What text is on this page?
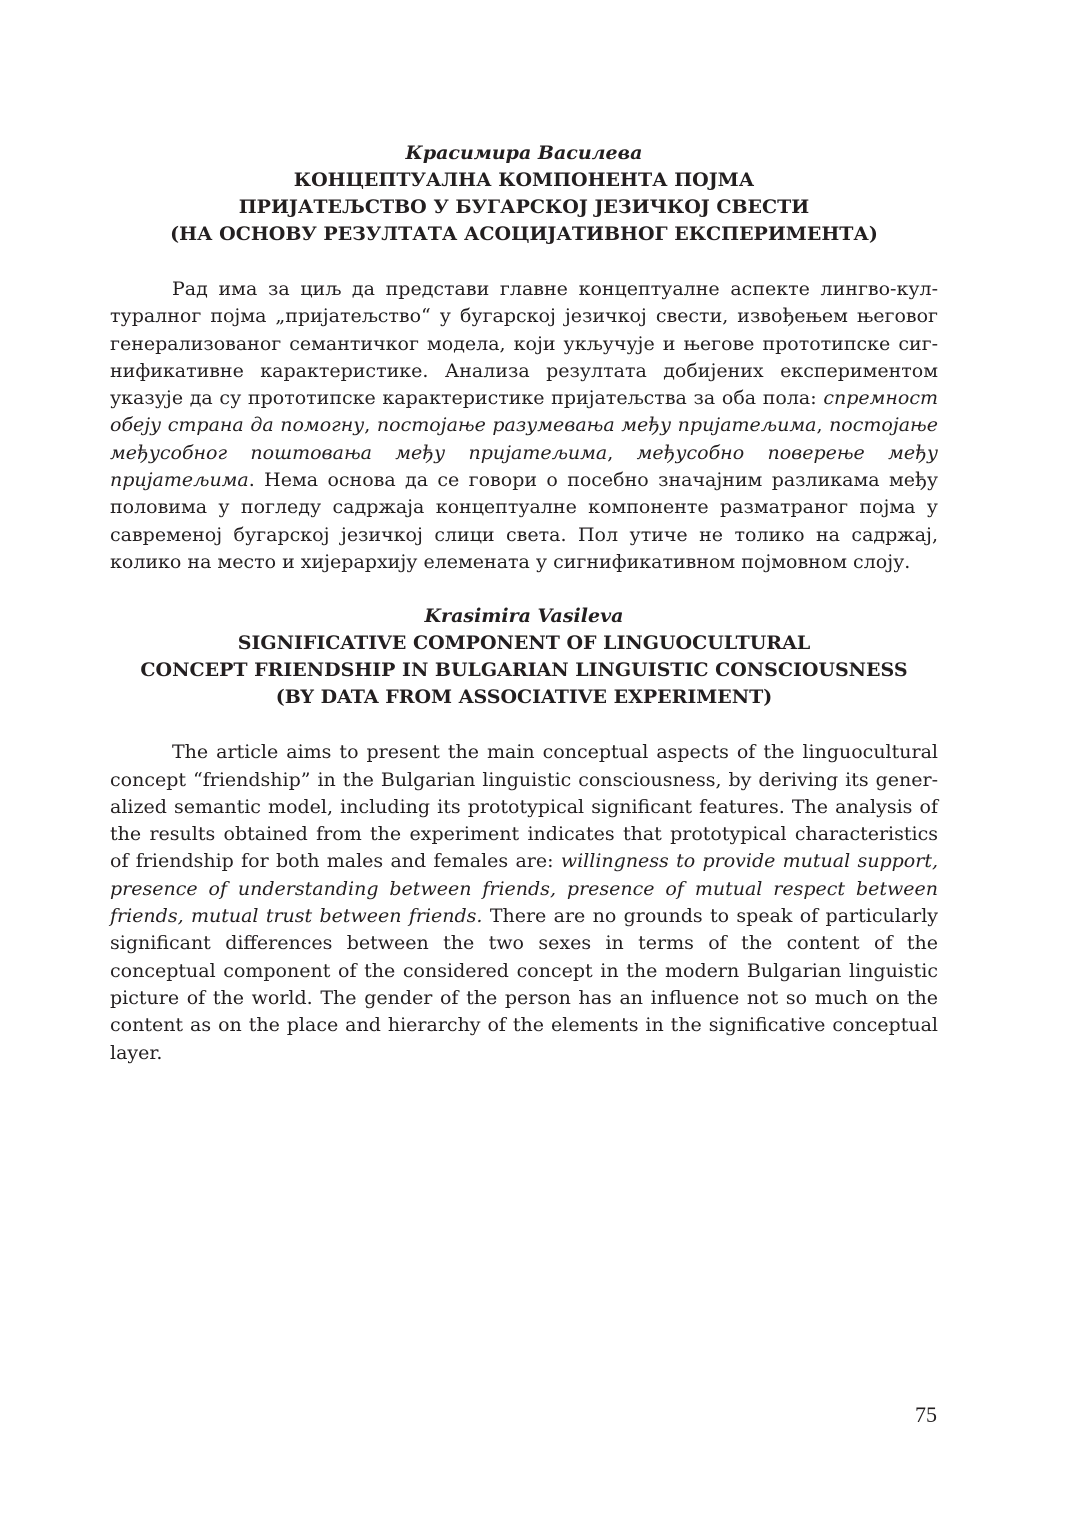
Красимира Василева
КОНЦЕПТУАЛНА КОМПОНЕНТА ПОЈМА
ПРИЈАТЕЉСТВО У БУГАРСКОЈ ЈЕЗИЧКОЈ СВЕСТИ
(НА ОСНОВУ РЕЗУЛТАТА АСОЦИЈАТИВНОГ ЕКСПЕРИМЕНТА)

Рад има за циљ да представи главне концептуалне аспекте лингво-културалног појма „пријатељство“ у бугарској језичкој свести, извођењем његовог генерализованог семантичког модела, који укључује и његове прототипске сигнификативне карактеристике. Анализа резултата добијених експериментом указује да су прототипске карактеристике пријатељства за оба пола: спремност обеју страна да помогну, постојање разумевања међу пријатељима, постојање међусобног поштовања међу пријатељима, међусобно поверење међу пријатељима. Нема основа да се говори о посебно значајним разликама међу половима у погледу садржаја концептуалне компоненте разматраног појма у савременој бугарској језичкој слици света. Пол утиче не толико на садржај, колико на место и хијерархију елемената у сигнификативном појмовном слоју.

Krasimira Vasileva
SIGNIFICATIVE COMPONENT OF LINGUOCULTURAL
CONCEPT FRIENDSHIP IN BULGARIAN LINGUISTIC CONSCIOUSNESS
(BY DATA FROM ASSOCIATIVE EXPERIMENT)

The article aims to present the main conceptual aspects of the linguocultural concept “friendship” in the Bulgarian linguistic consciousness, by deriving its generalized semantic model, including its prototypical significant features. The analysis of the results obtained from the experiment indicates that prototypical characteristics of friendship for both males and females are: willingness to provide mutual support, presence of understanding between friends, presence of mutual respect between friends, mutual trust between friends. There are no grounds to speak of particularly significant differences between the two sexes in terms of the content of the conceptual component of the considered concept in the modern Bulgarian linguistic picture of the world. The gender of the person has an influence not so much on the content as on the place and hierarchy of the elements in the significative conceptual layer.

75
